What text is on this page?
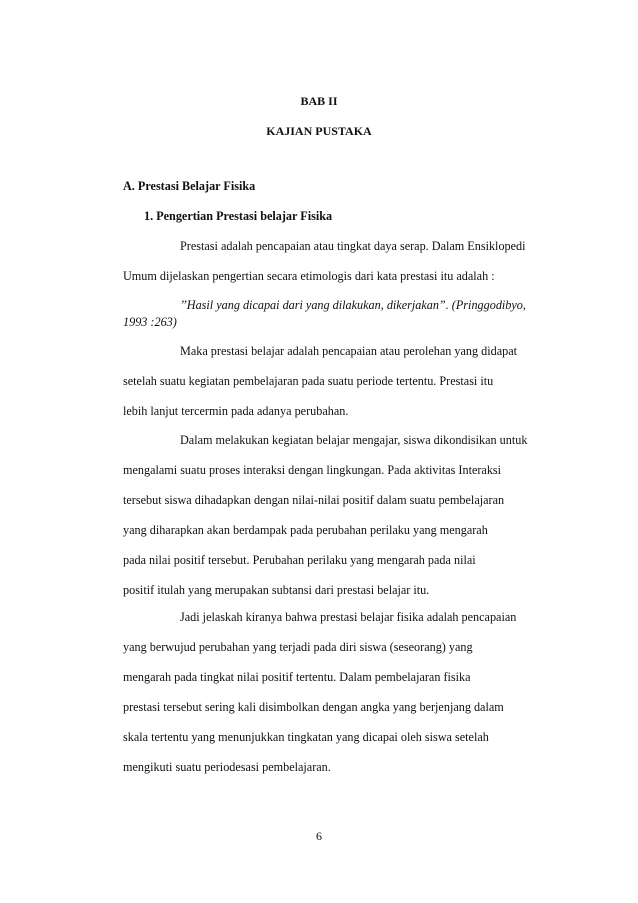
BAB II
KAJIAN PUSTAKA
A. Prestasi Belajar Fisika
1. Pengertian Prestasi belajar Fisika

Prestasi adalah pencapaian atau tingkat daya serap. Dalam Ensiklopedi
Umum dijelaskan pengertian secara etimologis dari kata prestasi itu adalah :

’’Hasil yang dicapai dari yang dilakukan, dikerjakan”. (Pringgodibyo,
1993 :263)

Maka prestasi belajar adalah pencapaian atau perolehan yang didapat
setelah suatu kegiatan pembelajaran pada suatu periode tertentu. Prestasi itu
lebih lanjut tercermin pada adanya perubahan.

Dalam melakukan kegiatan belajar mengajar, siswa dikondisikan untuk
mengalami suatu proses interaksi dengan lingkungan. Pada aktivitas Interaksi
tersebut siswa dihadapkan dengan nilai-nilai positif dalam suatu pembelajaran
yang diharapkan akan berdampak pada perubahan perilaku yang mengarah
pada nilai positif tersebut. Perubahan perilaku yang mengarah pada nilai
positif itulah yang merupakan subtansi dari prestasi belajar itu.

Jadi jelaskah kiranya bahwa prestasi belajar fisika adalah pencapaian
yang berwujud perubahan yang terjadi pada diri siswa (seseorang) yang
mengarah pada tingkat nilai positif tertentu. Dalam pembelajaran fisika
prestasi tersebut sering kali disimbolkan dengan angka yang berjenjang dalam
skala tertentu yang menunjukkan tingkatan yang dicapai oleh siswa setelah
mengikuti suatu periodesasi pembelajaran.

6
